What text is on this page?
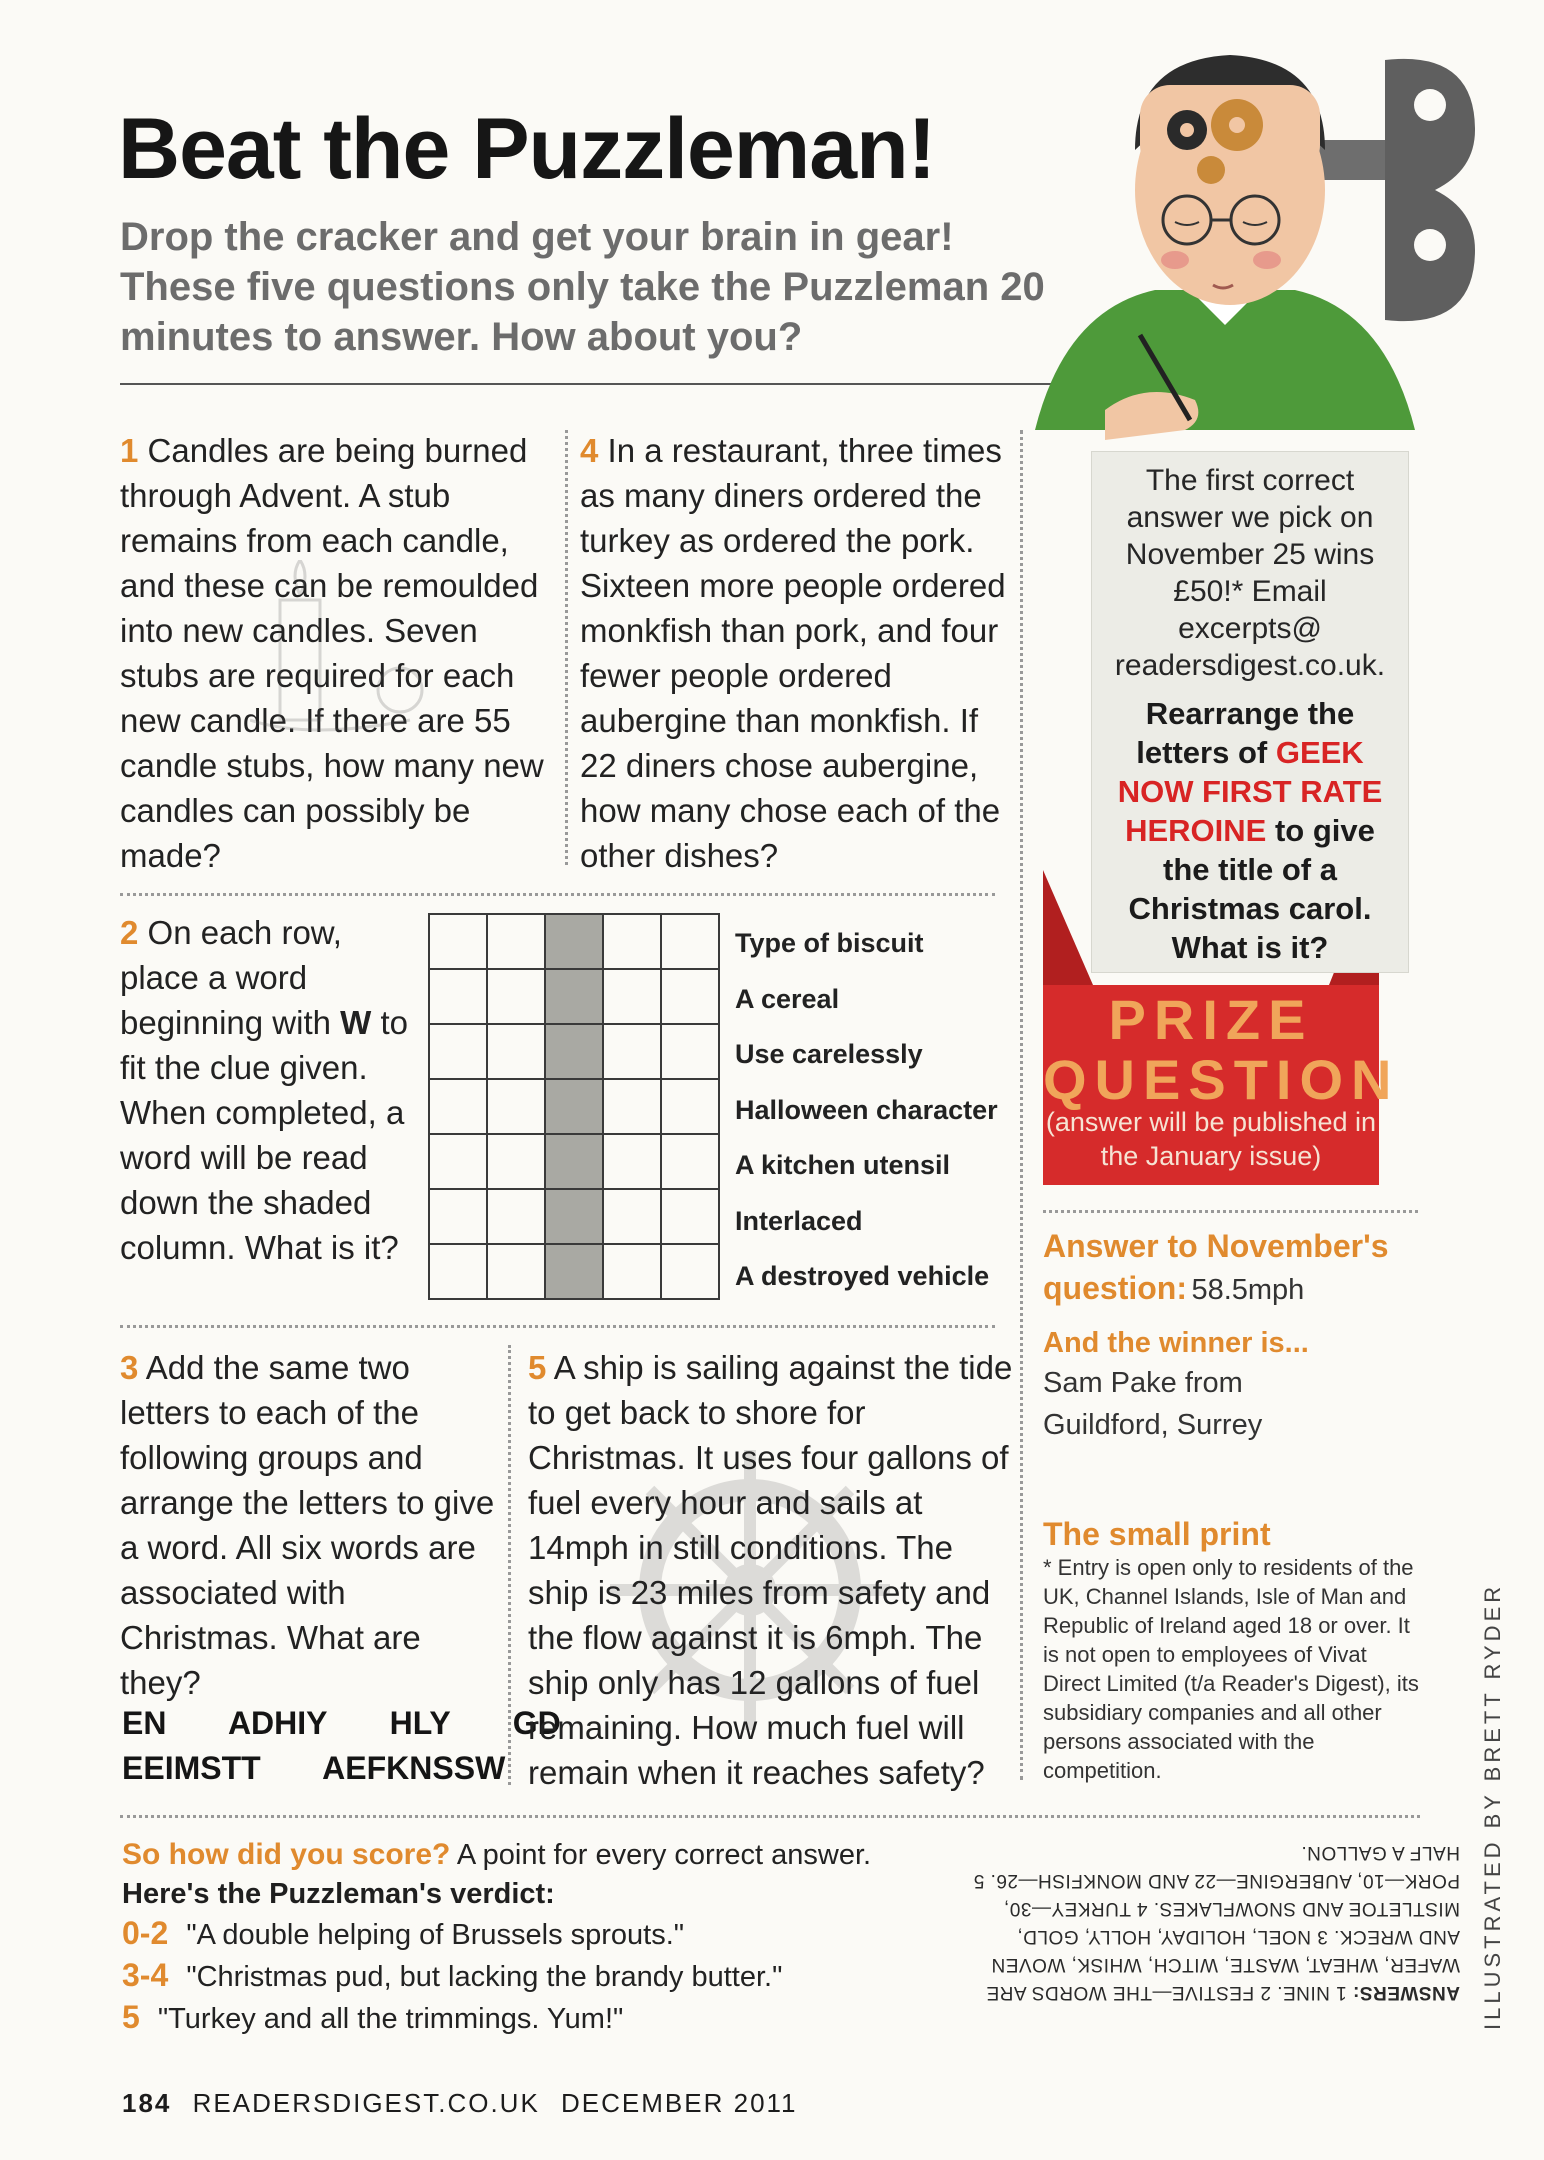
Beat the Puzzleman!
Drop the cracker and get your brain in gear! These five questions only take the Puzzleman 20 minutes to answer. How about you?
1 Candles are being burned through Advent. A stub remains from each candle, and these can be remoulded into new candles. Seven stubs are required for each new candle. If there are 55 candle stubs, how many new candles can possibly be made?
4 In a restaurant, three times as many diners ordered the turkey as ordered the pork. Sixteen more people ordered monkfish than pork, and four fewer people ordered aubergine than monkfish. If 22 diners chose aubergine, how many chose each of the other dishes?
2 On each row, place a word beginning with W to fit the clue given. When completed, a word will be read down the shaded column. What is it?

Type of biscuit
A cereal
Use carelessly
Halloween character
A kitchen utensil
Interlaced
A destroyed vehicle
3 Add the same two letters to each of the following groups and arrange the letters to give a word. All six words are associated with Christmas. What are they?
EN   ADHIY   HLY   GD
EEIMSTT   AEFKNSSW
5 A ship is sailing against the tide to get back to shore for Christmas. It uses four gallons of fuel every hour and sails at 14mph in still conditions. The ship is 23 miles from safety and the flow against it is 6mph. The ship only has 12 gallons of fuel remaining. How much fuel will remain when it reaches safety?
The first correct answer we pick on November 25 wins £50!* Email excerpts@ readersdigest.co.uk.
Rearrange the letters of GEEK NOW FIRST RATE HEROINE to give the title of a Christmas carol. What is it?
PRIZE QUESTION
(answer will be published in the January issue)
Answer to November's question: 58.5mph
And the winner is...
Sam Pake from Guildford, Surrey
The small print
* Entry is open only to residents of the UK, Channel Islands, Isle of Man and Republic of Ireland aged 18 or over. It is not open to employees of Vivat Direct Limited (t/a Reader's Digest), its subsidiary companies and all other persons associated with the competition.
So how did you score? A point for every correct answer.
Here's the Puzzleman's verdict:
0-2 "A double helping of Brussels sprouts."
3-4 "Christmas pud, but lacking the brandy butter."
5 "Turkey and all the trimmings. Yum!"
ANSWERS: 1 NINE. 2 FESTIVE—THE WORDS ARE WAFER, WHEAT, WASTE, WITCH, WHISK, WOVEN AND WRECK. 3 NOEL, HOLIDAY, HOLLY, GOLD, MISTLETOE AND SNOWFLAKES. 4 TURKEY—30, PORK—10, AUBERGINE—22 AND MONKFISH—26. 5 HALF A GALLON. ILLUSTRATED BY BRETT RYDER
184 READERSDIGEST.CO.UK DECEMBER 2011
